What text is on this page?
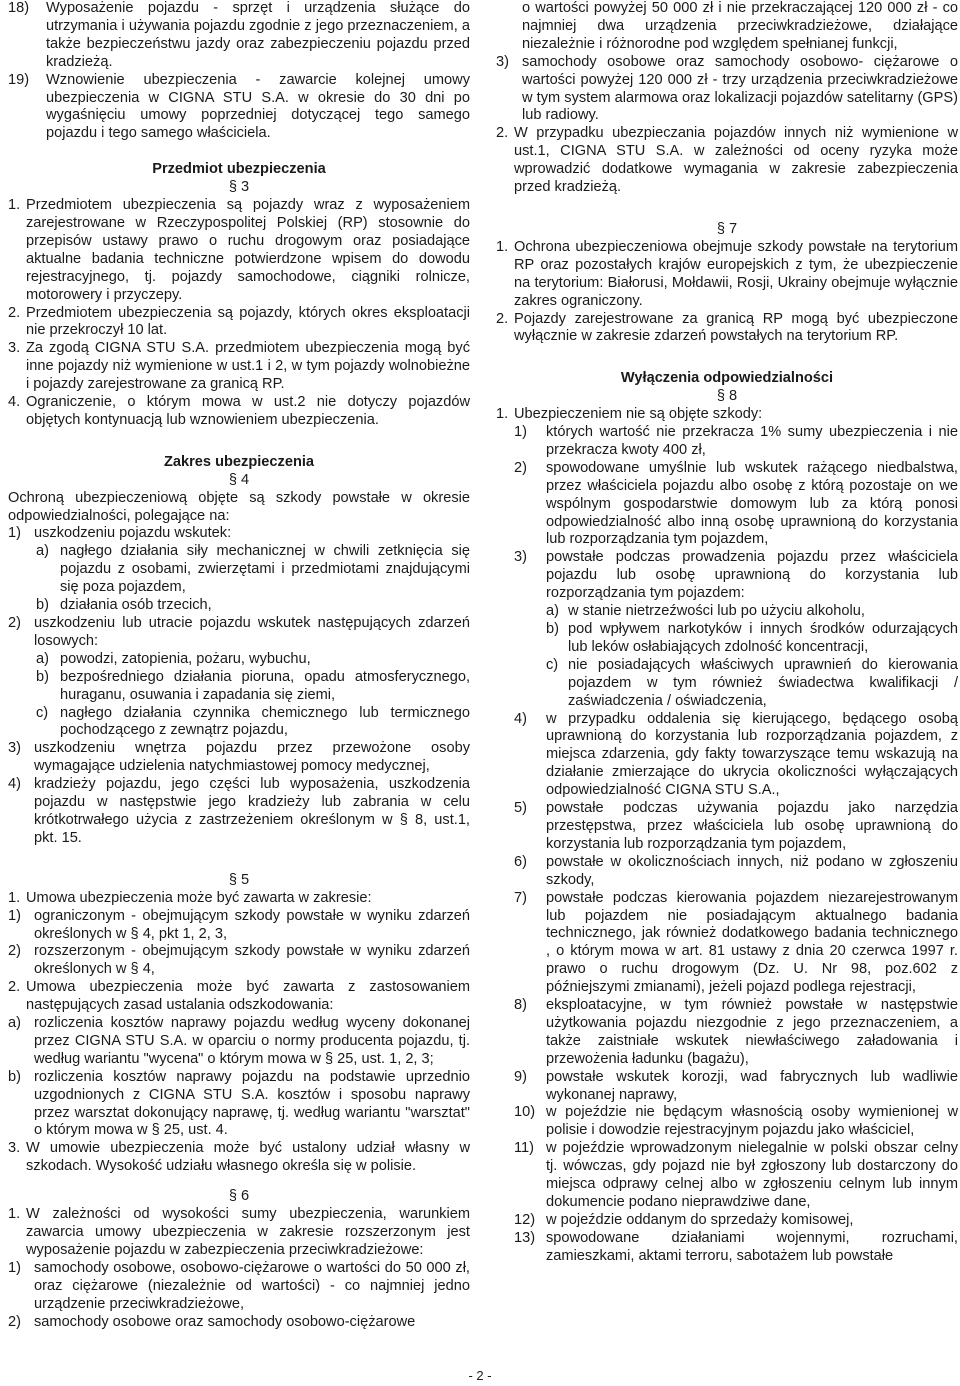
18) Wyposażenie pojazdu - sprzęt i urządzenia służące do utrzymania i używania pojazdu zgodnie z jego przeznaczeniem, a także bezpieczeństwu jazdy oraz zabezpieczeniu pojazdu przed kradzieżą.
19) Wznowienie ubezpieczenia - zawarcie kolejnej umowy ubezpieczenia w CIGNA STU S.A. w okresie do 30 dni po wygaśnięciu umowy poprzedniej dotyczącej tego samego pojazdu i tego samego właściciela.

Przedmiot ubezpieczenia

§ 3

1. Przedmiotem ubezpieczenia są pojazdy wraz z wyposażeniem zarejestrowane w Rzeczypospolitej Polskiej (RP) stosownie do przepisów ustawy prawo o ruchu drogowym oraz posiadające aktualne badania techniczne potwierdzone wpisem do dowodu rejestracyjnego, tj. pojazdy samochodowe, ciągniki rolnicze, motorowery i przyczepy.
2. Przedmiotem ubezpieczenia są pojazdy, których okres eksploatacji nie przekroczył 10 lat.
3. Za zgodą CIGNA STU S.A. przedmiotem ubezpieczenia mogą być inne pojazdy niż wymienione w ust.1 i 2, w tym pojazdy wolnobieżne i pojazdy zarejestrowane za granicą RP.
4. Ograniczenie, o którym mowa w ust.2 nie dotyczy pojazdów objętych kontynuacją lub wznowieniem ubezpieczenia.

Zakres ubezpieczenia

§ 4

Ochroną ubezpieczeniową objęte są szkody powstałe w okresie odpowiedzialności, polegające na:

1) uszkodzeniu pojazdu wskutek:
a) nagłego działania siły mechanicznej w chwili zetknięcia się pojazdu z osobami, zwierzętami i przedmiotami znajdującymi się poza pojazdem,
b) działania osób trzecich,
2) uszkodzeniu lub utracie pojazdu wskutek następujących zdarzeń losowych:
a) powodzi, zatopienia, pożaru, wybuchu,
b) bezpośredniego działania pioruna, opadu atmosferycznego, huraganu, osuwania i zapadania się ziemi,
c) nagłego działania czynnika chemicznego lub termicznego pochodzącego z zewnątrz pojazdu,
3) uszkodzeniu wnętrza pojazdu przez przewożone osoby wymagające udzielenia natychmiastowej pomocy medycznej,
4) kradzieży pojazdu, jego części lub wyposażenia, uszkodzenia pojazdu w następstwie jego kradzieży lub zabrania w celu krótkotrwałego użycia z zastrzeżeniem określonym w § 8, ust.1, pkt. 15.

§ 5

1. Umowa ubezpieczenia może być zawarta w zakresie:
1) ograniczonym - obejmującym szkody powstałe w wyniku zdarzeń określonych w § 4, pkt 1, 2, 3,
2) rozszerzonym - obejmującym szkody powstałe w wyniku zdarzeń określonych w § 4,
2. Umowa ubezpieczenia może być zawarta z zastosowaniem następujących zasad ustalania odszkodowania:
a) rozliczenia kosztów naprawy pojazdu według wyceny dokonanej przez CIGNA STU S.A. w oparciu o normy producenta pojazdu, tj. według wariantu "wycena" o którym mowa w § 25, ust. 1, 2, 3;
b) rozliczenia kosztów naprawy pojazdu na podstawie uprzednio uzgodnionych z CIGNA STU S.A. kosztów i sposobu naprawy przez warsztat dokonujący naprawę, tj. według wariantu "warsztat" o którym mowa w § 25, ust. 4.
3. W umowie ubezpieczenia może być ustalony udział własny w szkodach. Wysokość udziału własnego określa się w polisie.

§ 6

1. W zależności od wysokości sumy ubezpieczenia, warunkiem zawarcia umowy ubezpieczenia w zakresie rozszerzonym jest wyposażenie pojazdu w zabezpieczenia przeciwkradzieżowe:
1) samochody osobowe, osobowo-ciężarowe o wartości do 50 000 zł, oraz ciężarowe (niezależnie od wartości) - co najmniej jedno urządzenie przeciwkradzieżowe,
2) samochody osobowe oraz samochody osobowo-ciężarowe

o wartości powyżej 50 000 zł i nie przekraczającej 120 000 zł - co najmniej dwa urządzenia przeciwkradzieżowe, działające niezależnie i różnorodne pod względem spełnianej funkcji,

3) samochody osobowe oraz samochody osobowo- ciężarowe o wartości powyżej 120 000 zł - trzy urządzenia przeciwkradzieżowe w tym system alarmowa oraz lokalizacji pojazdów satelitarny (GPS) lub radiowy.
2. W przypadku ubezpieczania pojazdów innych niż wymienione w ust.1, CIGNA STU S.A. w zależności od oceny ryzyka może wprowadzić dodatkowe wymagania w zakresie zabezpieczenia przed kradzieżą.

§ 7

1. Ochrona ubezpieczeniowa obejmuje szkody powstałe na terytorium RP oraz pozostałych krajów europejskich z tym, że ubezpieczenie na terytorium: Białorusi, Mołdawii, Rosji, Ukrainy obejmuje wyłącznie zakres ograniczony.
2. Pojazdy zarejestrowane za granicą RP mogą być ubezpieczone wyłącznie w zakresie zdarzeń powstałych na terytorium RP.

Wyłączenia odpowiedzialności

§ 8

1. Ubezpieczeniem nie są objęte szkody:
1) których wartość nie przekracza 1% sumy ubezpieczenia i nie przekracza kwoty 400 zł,
2) spowodowane umyślnie lub wskutek rażącego niedbalstwa, przez właściciela pojazdu albo osobę z którą pozostaje on we wspólnym gospodarstwie domowym lub za którą ponosi odpowiedzialność albo inną osobę uprawnioną do korzystania lub rozporządzania tym pojazdem,
3) powstałe podczas prowadzenia pojazdu przez właściciela pojazdu lub osobę uprawnioną do korzystania lub rozporządzania tym pojazdem:
a) w stanie nietrzeźwości lub po użyciu alkoholu,
b) pod wpływem narkotyków i innych środków odurzających lub leków osłabiających zdolność koncentracji,
c) nie posiadających właściwych uprawnień do kierowania pojazdem w tym również świadectwa kwalifikacji / zaświadczenia / oświadczenia,
4) w przypadku oddalenia się kierującego, będącego osobą uprawnioną do korzystania lub rozporządzania pojazdem, z miejsca zdarzenia, gdy fakty towarzyszące temu wskazują na działanie zmierzające do ukrycia okoliczności wyłączających odpowiedzialność CIGNA STU S.A.,
5) powstałe podczas używania pojazdu jako narzędzia przestępstwa, przez właściciela lub osobę uprawnioną do korzystania lub rozporządzania tym pojazdem,
6) powstałe w okolicznościach innych, niż podano w zgłoszeniu szkody,
7) powstałe podczas kierowania pojazdem niezarejestrowanym lub pojazdem nie posiadającym aktualnego badania technicznego, jak również dodatkowego badania technicznego , o którym mowa w art. 81 ustawy z dnia 20 czerwca 1997 r. prawo o ruchu drogowym (Dz. U. Nr 98, poz.602 z późniejszymi zmianami), jeżeli pojazd podlega rejestracji,
8) eksploatacyjne, w tym również powstałe w następstwie użytkowania pojazdu niezgodnie z jego przeznaczeniem, a także zaistniałe wskutek niewłaściwego załadowania i przewożenia ładunku (bagażu),
9) powstałe wskutek korozji, wad fabrycznych lub wadliwie wykonanej naprawy,
10) w pojeździe nie będącym własnością osoby wymienionej w polisie i dowodzie rejestracyjnym pojazdu jako właściciel,
11) w pojeździe wprowadzonym nielegalnie w polski obszar celny tj. wówczas, gdy pojazd nie był zgłoszony lub dostarczony do miejsca odprawy celnej albo w zgłoszeniu celnym lub innym dokumencie podano nieprawdziwe dane,
12) w pojeździe oddanym do sprzedaży komisowej,
13) spowodowane działaniami wojennymi, rozruchami, zamieszkami, aktami terroru, sabotażem lub powstałe
- 2 -
